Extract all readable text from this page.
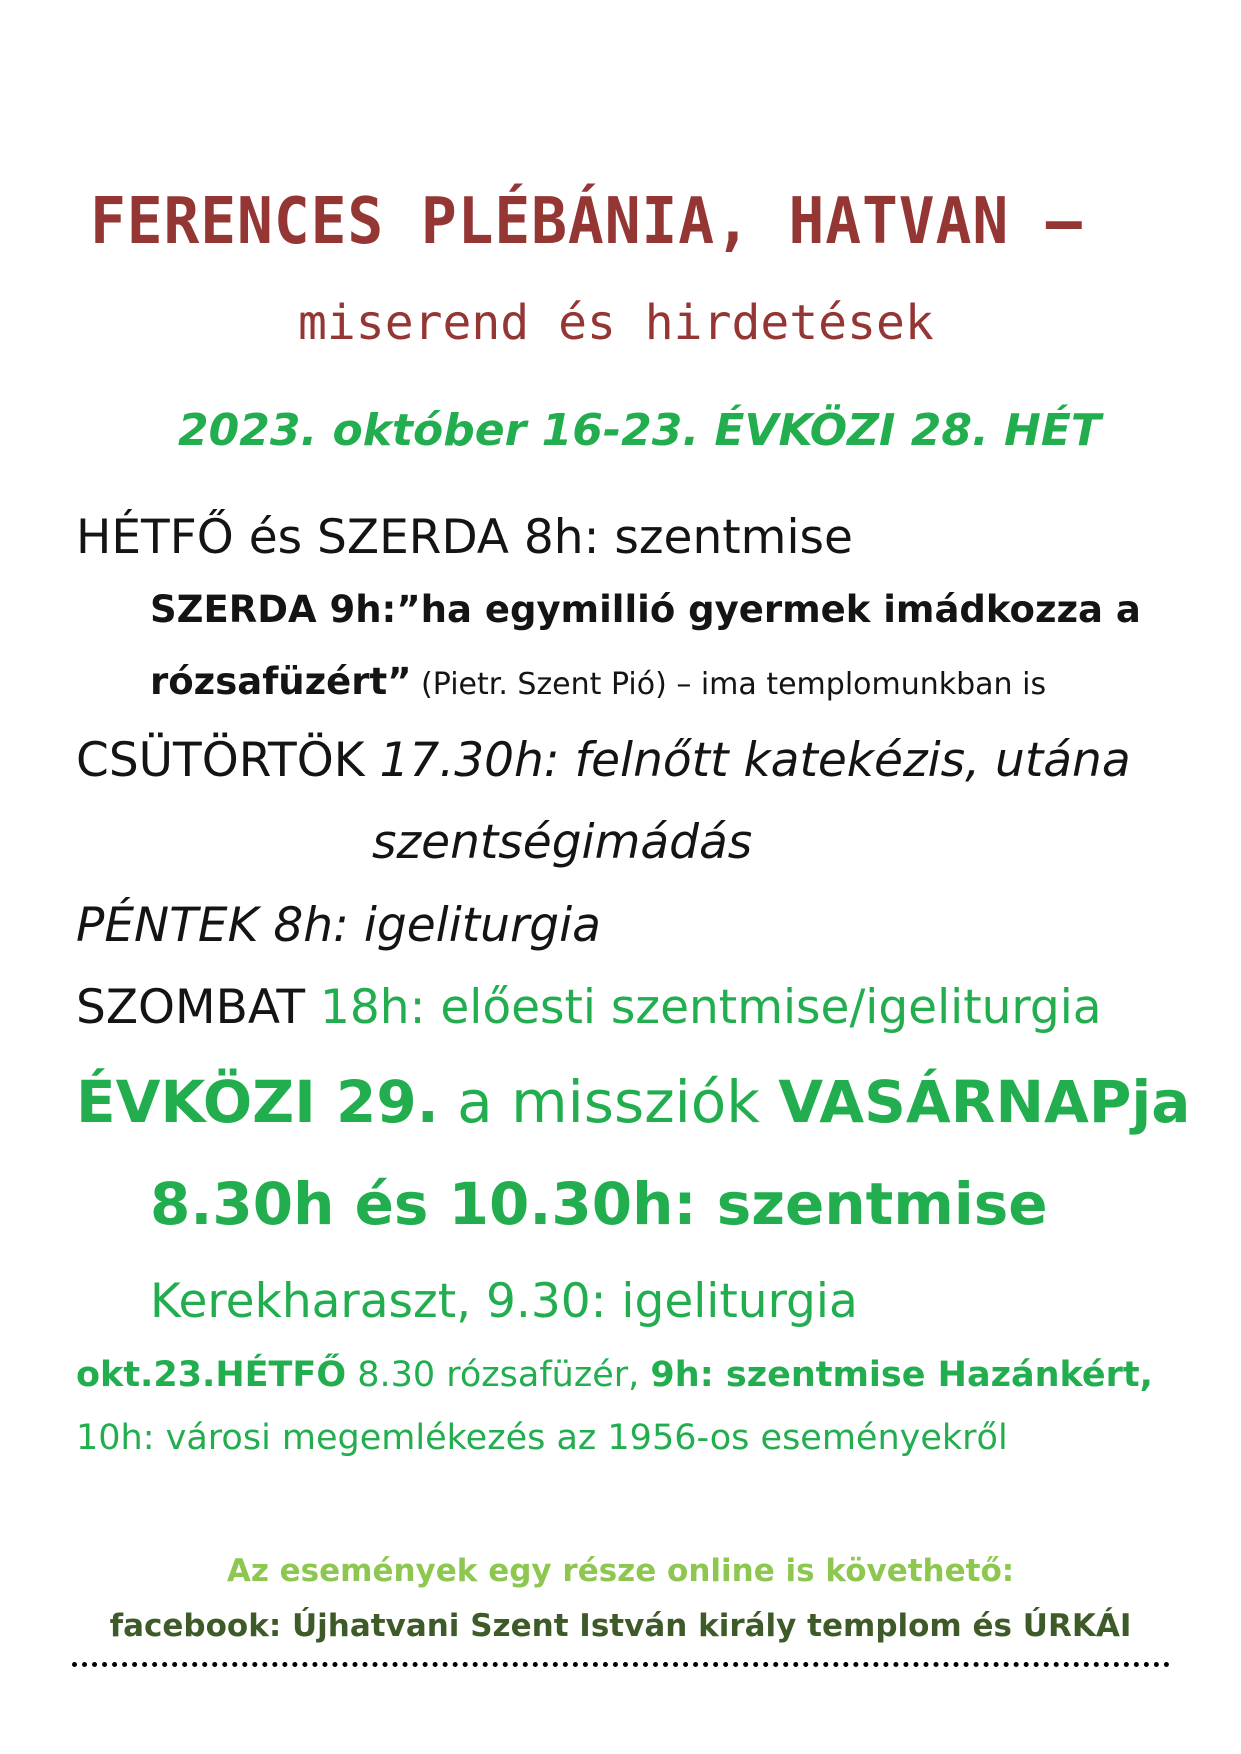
FERENCES PLÉBÁNIA, HATVAN –
miserend és hirdetések
2023. október 16-23. ÉVKÖZI 28. HÉT
HÉTFŐ és SZERDA 8h: szentmise
SZERDA 9h:”ha egymillió gyermek imádkozza a
rózsafüzért” (Pietr. Szent Pió) – ima templomunkban is
CSÜTÖRTÖK 17.30h: felnőtt katekézis, utána
szentségimádás
PÉNTEK 8h: igeliturgia
SZOMBAT 18h: előesti szentmise/igeliturgia
ÉVKÖZI 29. a missziók VASÁRNAPja
8.30h és 10.30h: szentmise
Kerekharaszt, 9.30: igeliturgia
okt.23.HÉTFŐ 8.30 rózsafüzér, 9h: szentmise Hazánkért,
10h: városi megemlékezés az 1956-os eseményekről
Az események egy része online is követhető:
facebook: Újhatvani Szent István király templom és ÚRKÁI
